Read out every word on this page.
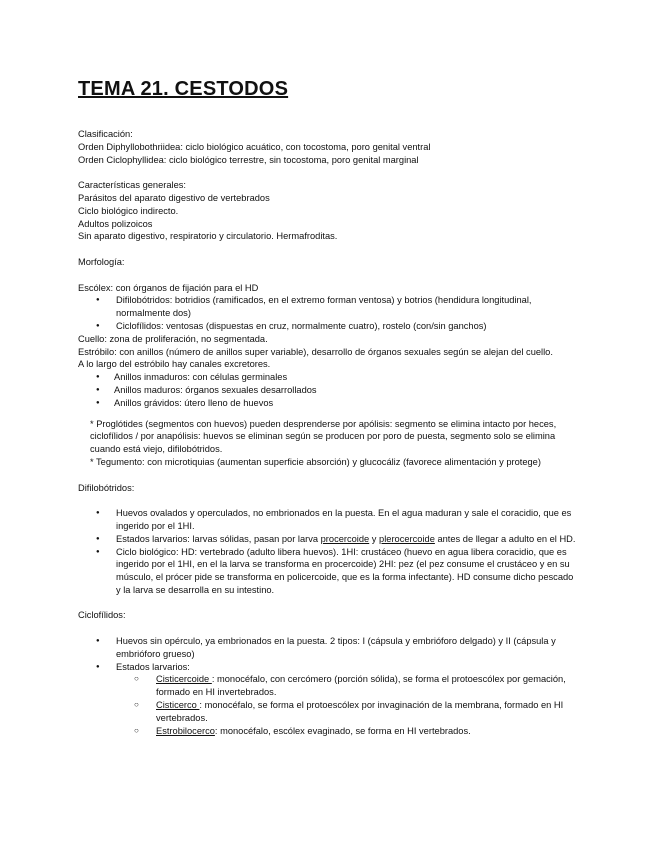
TEMA 21. CESTODOS
Clasificación:
Orden Diphyllobothriidea: ciclo biológico acuático, con tocostoma, poro genital ventral
Orden Ciclophyllidea: ciclo biológico terrestre, sin tocostoma, poro genital marginal
Características generales:
Parásitos del aparato digestivo de vertebrados
Ciclo biológico indirecto.
Adultos polizoicos
Sin aparato digestivo, respiratorio y circulatorio. Hermafroditas.
Morfología:
Escólex: con órganos de fijación para el HD
● Difilobótridos: botridios (ramificados, en el extremo forman ventosa) y botrios (hendidura longitudinal, normalmente dos)
● Ciclofílidos: ventosas (dispuestas en cruz, normalmente cuatro), rostelo (con/sin ganchos)
Cuello: zona de proliferación, no segmentada.
Estróbilo: con anillos (número de anillos super variable), desarrollo de órganos sexuales según se alejan del cuello.
A lo largo del estróbilo hay canales excretores.
● Anillos inmaduros: con células germinales
● Anillos maduros: órganos sexuales desarrollados
● Anillos grávidos: útero lleno de huevos
* Proglótides (segmentos con huevos) pueden desprenderse por apólisis: segmento se elimina intacto por heces, ciclofílidos / por anapólisis: huevos se eliminan según se producen por poro de puesta, segmento solo se elimina cuando está viejo, difilobótridos.
* Tegumento: con microtiquias (aumentan superficie absorción) y glucocáliz (favorece alimentación y protege)
Difilobótridos:
● Huevos ovalados y operculados, no embrionados en la puesta. En el agua maduran y sale el coracidio, que es ingerido por el 1HI.
● Estados larvarios: larvas sólidas, pasan por larva procercoide y plerocercoide antes de llegar a adulto en el HD.
● Ciclo biológico: HD: vertebrado (adulto libera huevos). 1HI: crustáceo (huevo en agua libera coracidio, que es ingerido por el 1HI, en el la larva se transforma en procercoide) 2HI: pez (el pez consume el crustáceo y en su músculo, el prócer pide se transforma en policercoide, que es la forma infectante). HD consume dicho pescado y la larva se desarrolla en su intestino.
Ciclofílidos:
● Huevos sin opérculo, ya embrionados en la puesta. 2 tipos: I (cápsula y embrióforo delgado) y II (cápsula y embrióforo grueso)
● Estados larvarios:
○ Cisticercoide : monocéfalo, con cercómero (porción sólida), se forma el protoescólex por gemación, formado en HI invertebrados.
○ Cisticerco : monocéfalo, se forma el protoescólex por invaginación de la membrana, formado en HI vertebrados.
○ Estrobilocerco: monocéfalo, escólex evaginado, se forma en HI vertebrados.
